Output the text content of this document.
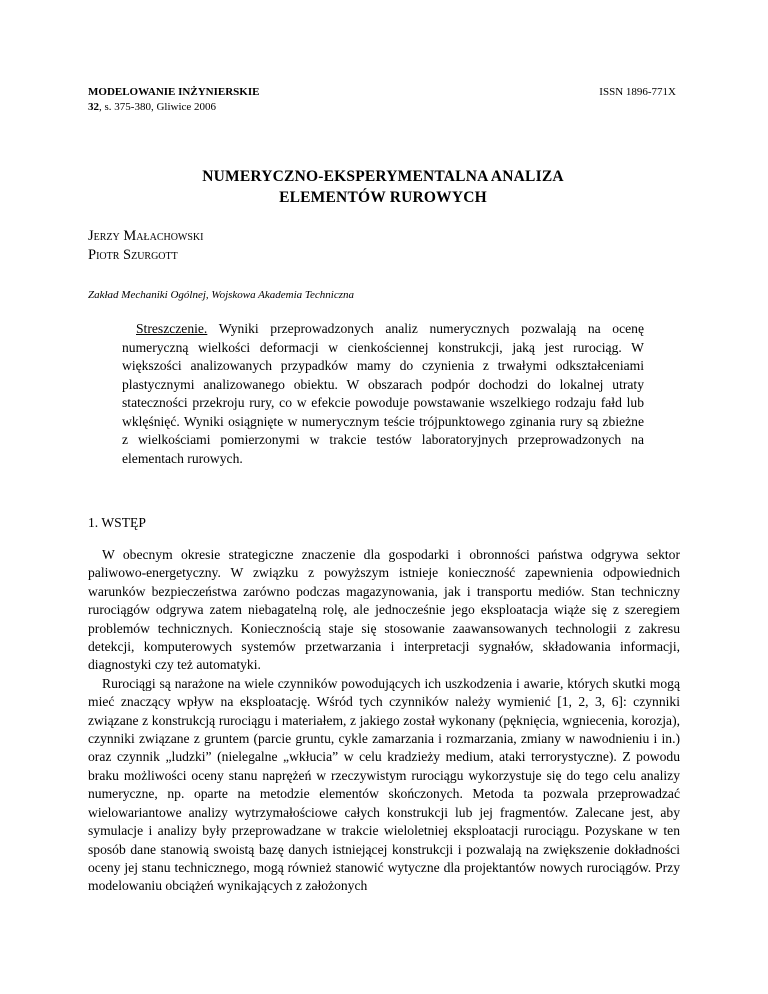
MODELOWANIE INŻYNIERSKIE
32, s. 375-380, Gliwice 2006
ISSN 1896-771X
NUMERYCZNO-EKSPERYMENTALNA ANALIZA
ELEMENTÓW RUROWYCH
Jerzy Małachowski
Piotr Szurgott
Zakład Mechaniki Ogólnej, Wojskowa Akademia Techniczna
Streszczenie. Wyniki przeprowadzonych analiz numerycznych pozwalają na ocenę numeryczną wielkości deformacji w cienkościennej konstrukcji, jaką jest rurociąg. W większości analizowanych przypadków mamy do czynienia z trwałymi odkształceniami plastycznymi analizowanego obiektu. W obszarach podpór dochodzi do lokalnej utraty stateczności przekroju rury, co w efekcie powoduje powstawanie wszelkiego rodzaju fałd lub wklęśnięć. Wyniki osiągnięte w numerycznym teście trójpunktowego zginania rury są zbieżne z wielkościami pomierzonymi w trakcie testów laboratoryjnych przeprowadzonych na elementach rurowych.
1. WSTĘP

W obecnym okresie strategiczne znaczenie dla gospodarki i obronności państwa odgrywa sektor paliwowo-energetyczny. W związku z powyższym istnieje konieczność zapewnienia odpowiednich warunków bezpieczeństwa zarówno podczas magazynowania, jak i transportu mediów. Stan techniczny rurociągów odgrywa zatem niebagatelną rolę, ale jednocześnie jego eksploatacja wiąże się z szeregiem problemów technicznych. Koniecznością staje się stosowanie zaawansowanych technologii z zakresu detekcji, komputerowych systemów przetwarzania i interpretacji sygnałów, składowania informacji, diagnostyki czy też automatyki.

Rurociągi są narażone na wiele czynników powodujących ich uszkodzenia i awarie, których skutki mogą mieć znaczący wpływ na eksploatację. Wśród tych czynników należy wymienić [1, 2, 3, 6]: czynniki związane z konstrukcją rurociągu i materiałem, z jakiego został wykonany (pęknięcia, wgniecenia, korozja), czynniki związane z gruntem (parcie gruntu, cykle zamarzania i rozmarzania, zmiany w nawodnieniu i in.) oraz czynnik „ludzki” (nielegalne „wkłucia” w celu kradzieży medium, ataki terrorystyczne). Z powodu braku możliwości oceny stanu naprężeń w rzeczywistym rurociągu wykorzystuje się do tego celu analizy numeryczne, np. oparte na metodzie elementów skończonych. Metoda ta pozwala przeprowadzać wielowariantowe analizy wytrzymałościowe całych konstrukcji lub jej fragmentów. Zalecane jest, aby symulacje i analizy były przeprowadzane w trakcie wieloletniej eksploatacji rurociągu. Pozyskane w ten sposób dane stanowią swoistą bazę danych istniejącej konstrukcji i pozwalają na zwiększenie dokładności oceny jej stanu technicznego, mogą również stanowić wytyczne dla projektantów nowych rurociągów. Przy modelowaniu obciążeń wynikających z założonych
